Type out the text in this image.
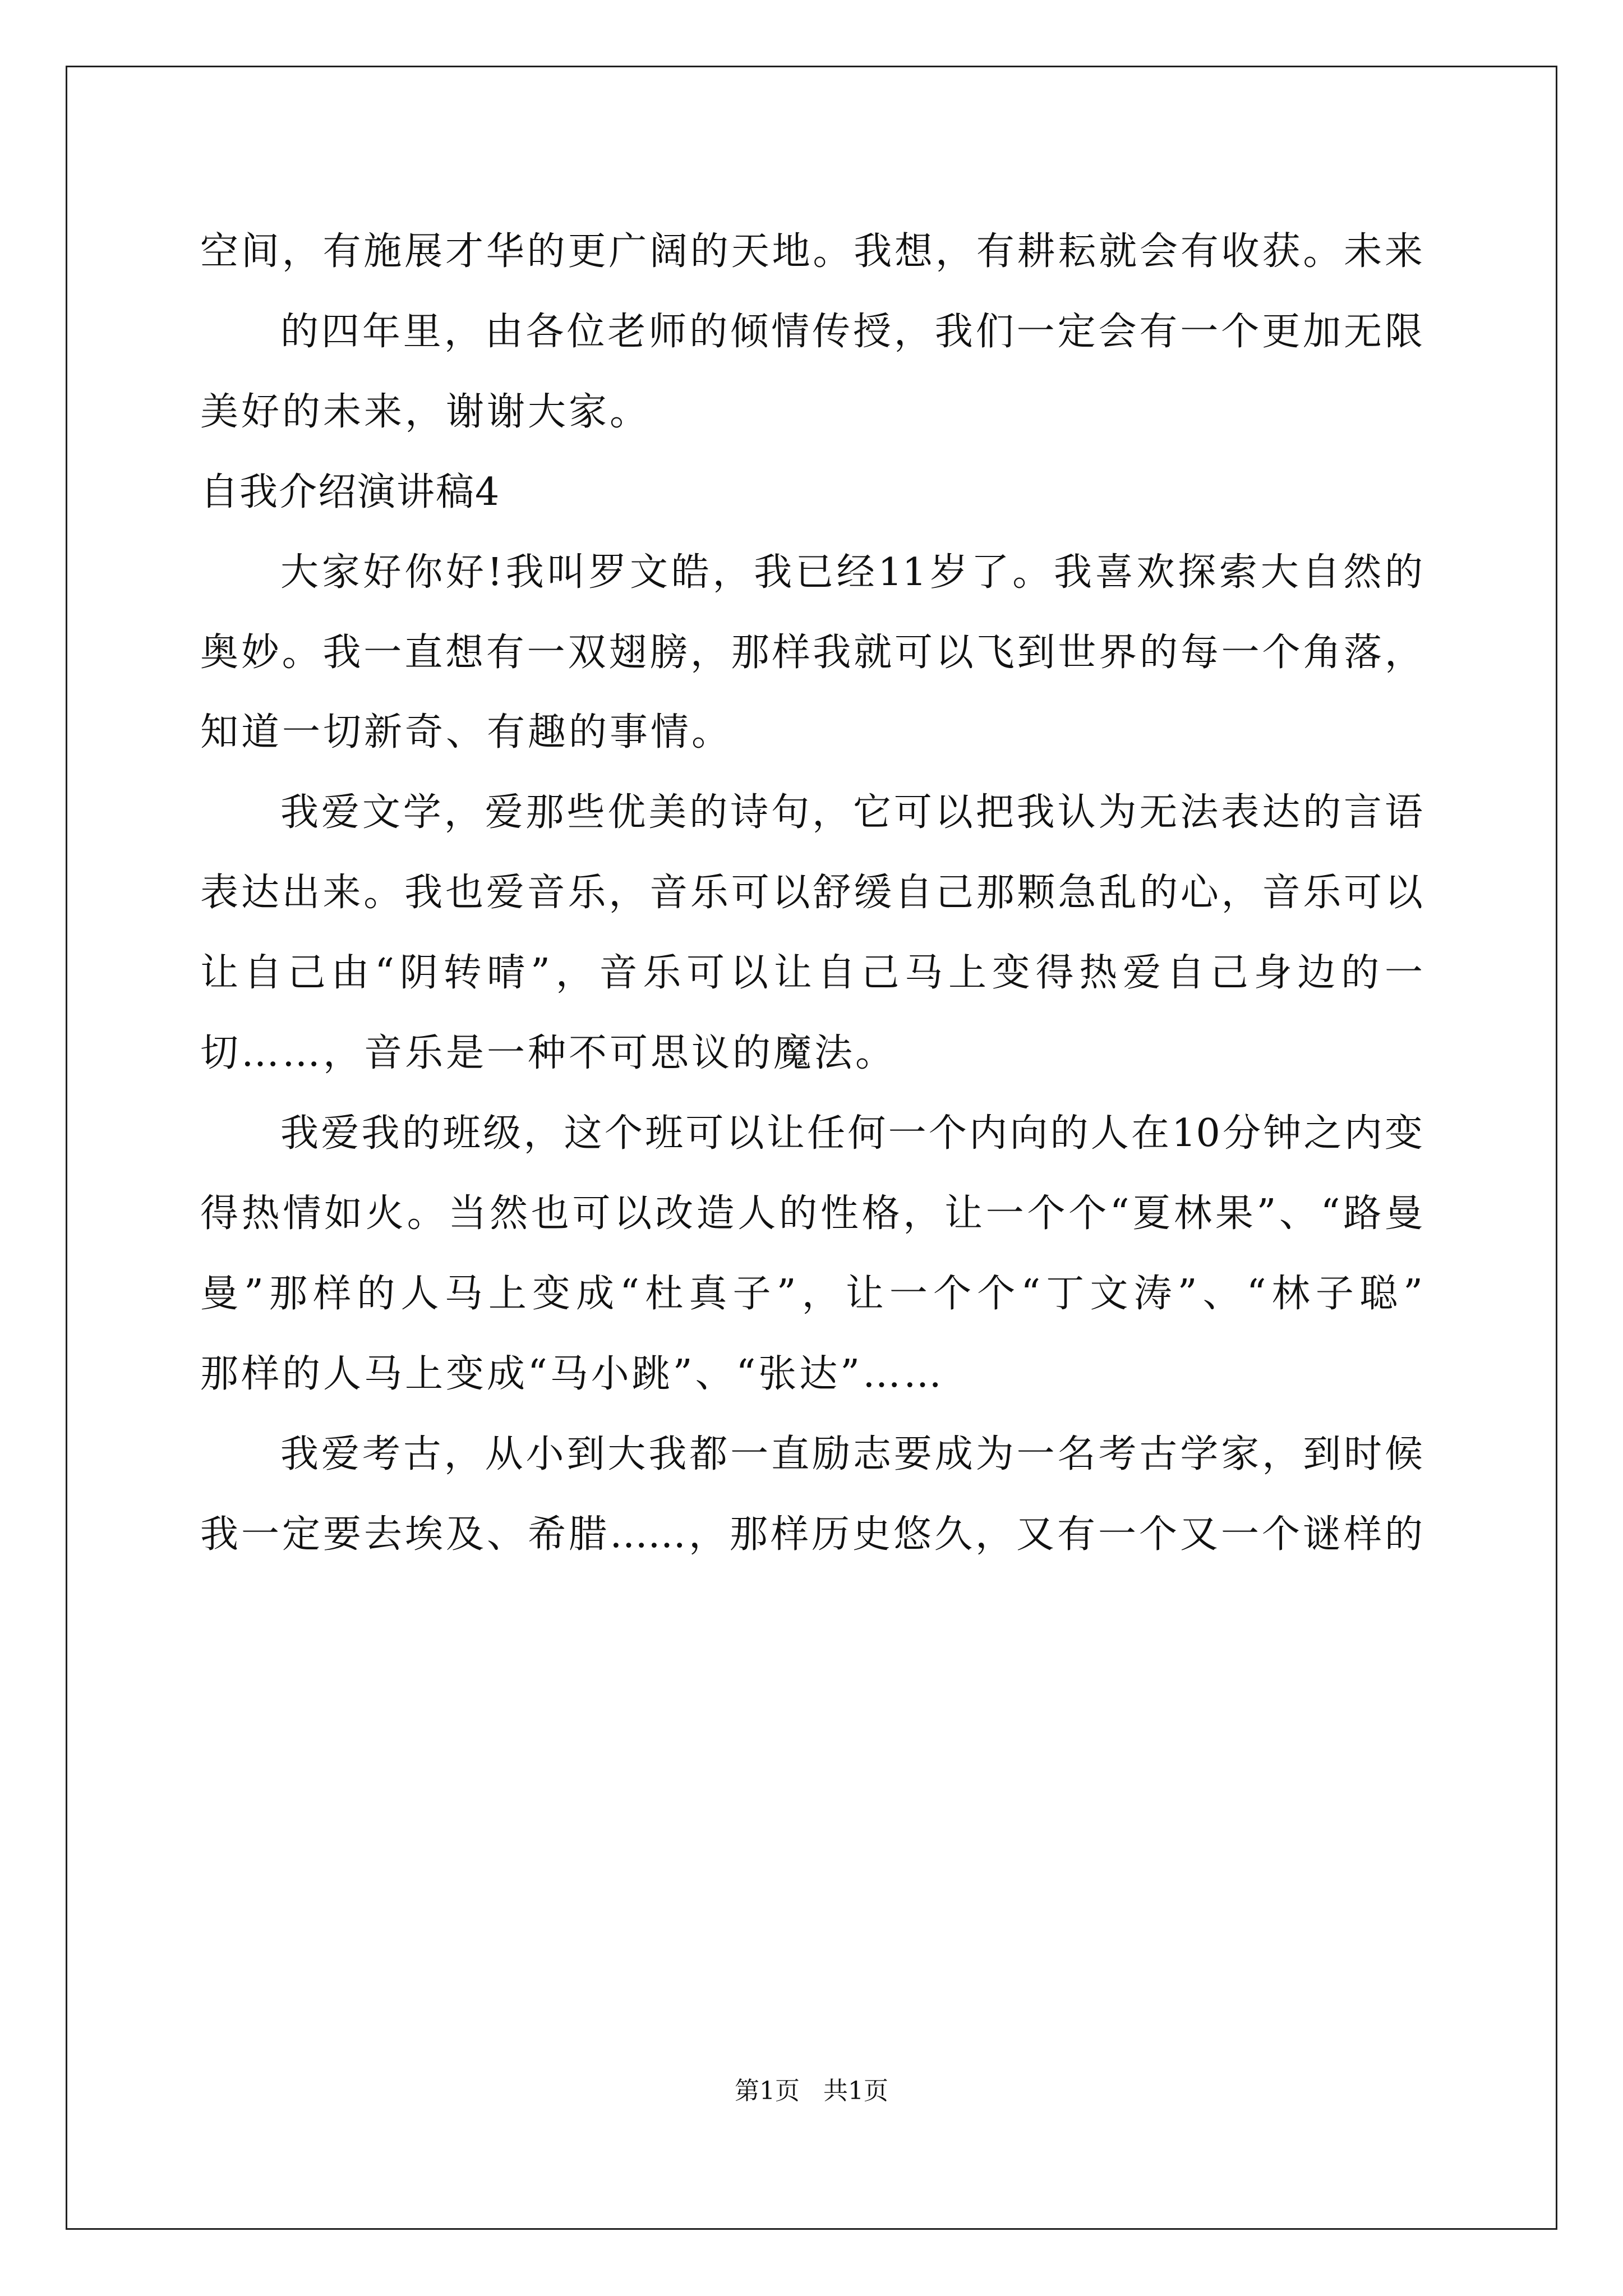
空间，有施展才华的更广阔的天地。我想，有耕耘就会有收获。未来
的四年里，由各位老师的倾情传授，我们一定会有一个更加无限
美好的未来，谢谢大家。
自我介绍演讲稿4
大家好你好!我叫罗文皓，我已经11岁了。我喜欢探索大自然的
奥妙。我一直想有一双翅膀，那样我就可以飞到世界的每一个角落，
知道一切新奇、有趣的事情。
我爱文学，爱那些优美的诗句，它可以把我认为无法表达的言语
表达出来。我也爱音乐，音乐可以舒缓自己那颗急乱的心，音乐可以
让自己由“阴转晴”，音乐可以让自己马上变得热爱自己身边的一
切……，音乐是一种不可思议的魔法。
我爱我的班级，这个班可以让任何一个内向的人在10分钟之内变
得热情如火。当然也可以改造人的性格，让一个个“夏林果”、“路曼
曼”那样的人马上变成“杜真子”，让一个个“丁文涛”、“林子聪”
那样的人马上变成“马小跳”、“张达”……
我爱考古，从小到大我都一直励志要成为一名考古学家，到时候
我一定要去埃及、希腊……，那样历史悠久，又有一个又一个谜样的
第1页   共1页
